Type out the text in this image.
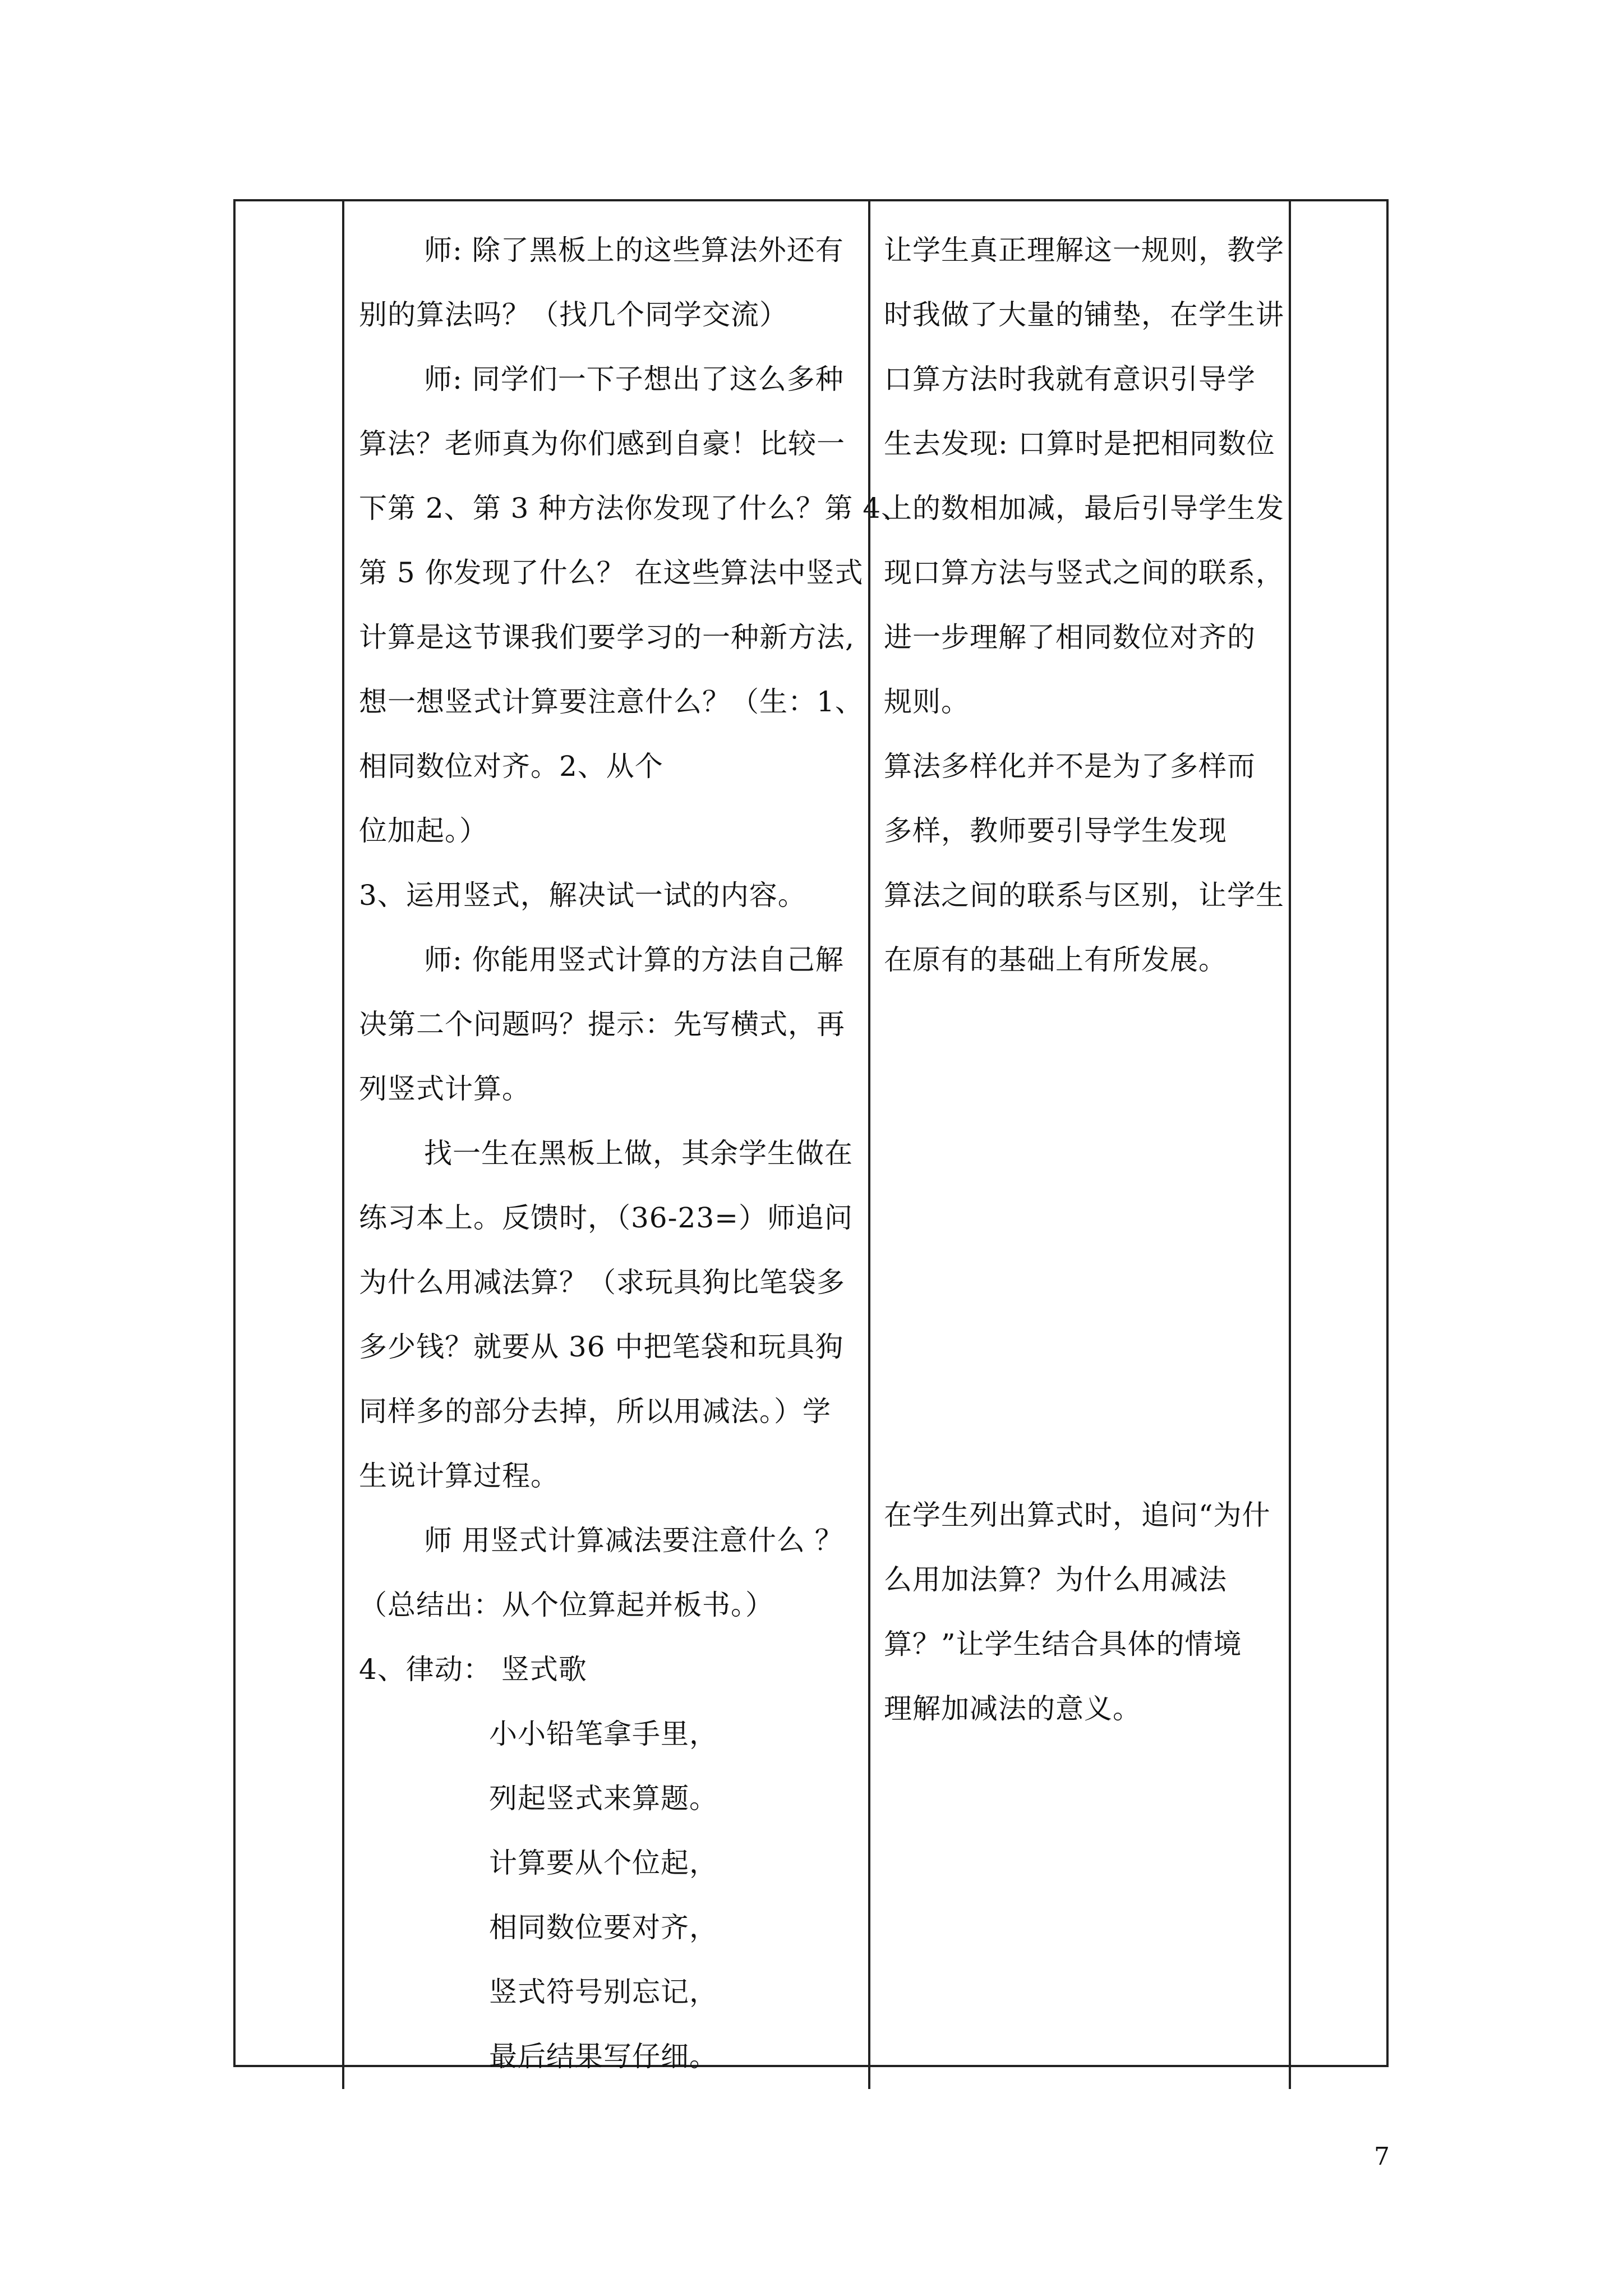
师: 除了黑板上的这些算法外还有
别的算法吗？（找几个同学交流）
师: 同学们一下子想出了这么多种
算法？老师真为你们感到自豪！比较一
下第 2、第 3 种方法你发现了什么？第 4、
第 5 你发现了什么？ 在这些算法中竖式
计算是这节课我们要学习的一种新方法,
想一想竖式计算要注意什么？（生：1、
相同数位对齐。2、从个
位加起。）
3、运用竖式，解决试一试的内容。
师: 你能用竖式计算的方法自己解
决第二个问题吗？提示：先写横式，再
列竖式计算。
找一生在黑板上做，其余学生做在
练习本上。反馈时，（36-23=）师追问
为什么用减法算？（求玩具狗比笔袋多
多少钱？就要从 36 中把笔袋和玩具狗
同样多的部分去掉，所以用减法。）学
生说计算过程。
师 用竖式计算减法要注意什么 ？
（总结出：从个位算起并板书。）
4、律动： 竖式歌
小小铅笔拿手里，
列起竖式来算题。
计算要从个位起，
相同数位要对齐，
竖式符号别忘记，
最后结果写仔细。
让学生真正理解这一规则，教学
时我做了大量的铺垫，在学生讲
口算方法时我就有意识引导学
生去发现: 口算时是把相同数位
上的数相加减，最后引导学生发
现口算方法与竖式之间的联系，
进一步理解了相同数位对齐的
规则。
算法多样化并不是为了多样而
多样，教师要引导学生发现
算法之间的联系与区别，让学生
在原有的基础上有所发展。
在学生列出算式时，追问“为什
么用加法算？为什么用减法
算？”让学生结合具体的情境
理解加减法的意义。
7
